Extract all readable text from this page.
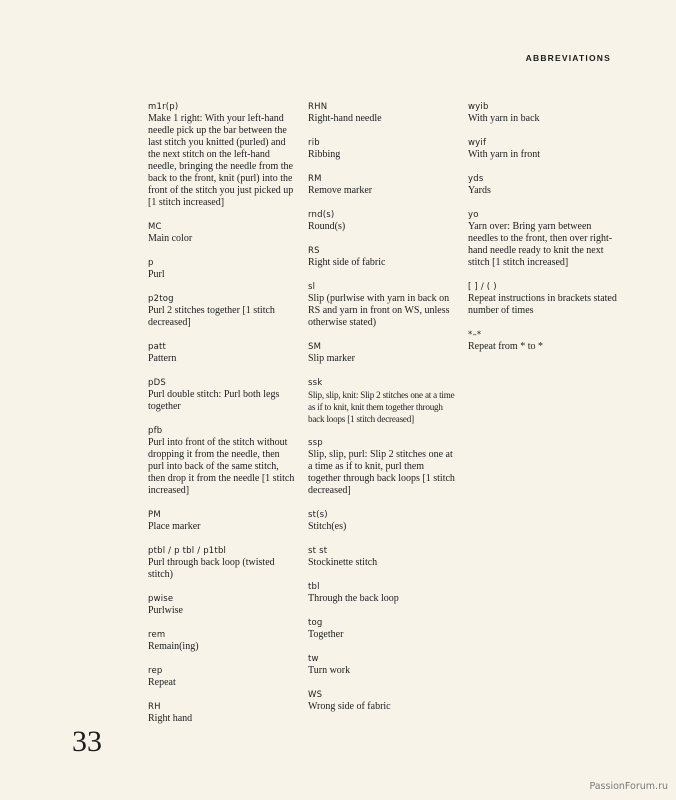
ABBREVIATIONS
m1r(p)
Make 1 right: With your left-hand needle pick up the bar between the last stitch you knitted (purled) and the next stitch on the left-hand needle, bringing the needle from the back to the front, knit (purl) into the front of the stitch you just picked up [1 stitch increased]
MC
Main color
p
Purl
p2tog
Purl 2 stitches together [1 stitch decreased]
patt
Pattern
pDS
Purl double stitch: Purl both legs together
pfb
Purl into front of the stitch without dropping it from the needle, then purl into back of the same stitch, then drop it from the needle [1 stitch increased]
PM
Place marker
ptbl / p tbl / p1tbl
Purl through back loop (twisted stitch)
pwise
Purlwise
rem
Remain(ing)
rep
Repeat
RH
Right hand
RHN
Right-hand needle
rib
Ribbing
RM
Remove marker
rnd(s)
Round(s)
RS
Right side of fabric
sl
Slip (purlwise with yarn in back on RS and yarn in front on WS, unless otherwise stated)
SM
Slip marker
ssk
Slip, slip, knit: Slip 2 stitches one at a time as if to knit, knit them together through back loops [1 stitch decreased]
ssp
Slip, slip, purl: Slip 2 stitches one at a time as if to knit, purl them together through back loops [1 stitch decreased]
st(s)
Stitch(es)
st st
Stockinette stitch
tbl
Through the back loop
tog
Together
tw
Turn work
WS
Wrong side of fabric
wyib
With yarn in back
wyif
With yarn in front
yds
Yards
yo
Yarn over: Bring yarn between needles to the front, then over right-hand needle ready to knit the next stitch [1 stitch increased]
[ ] / ( )
Repeat instructions in brackets stated number of times
*–*
Repeat from * to *
33
PassionForum.ru
